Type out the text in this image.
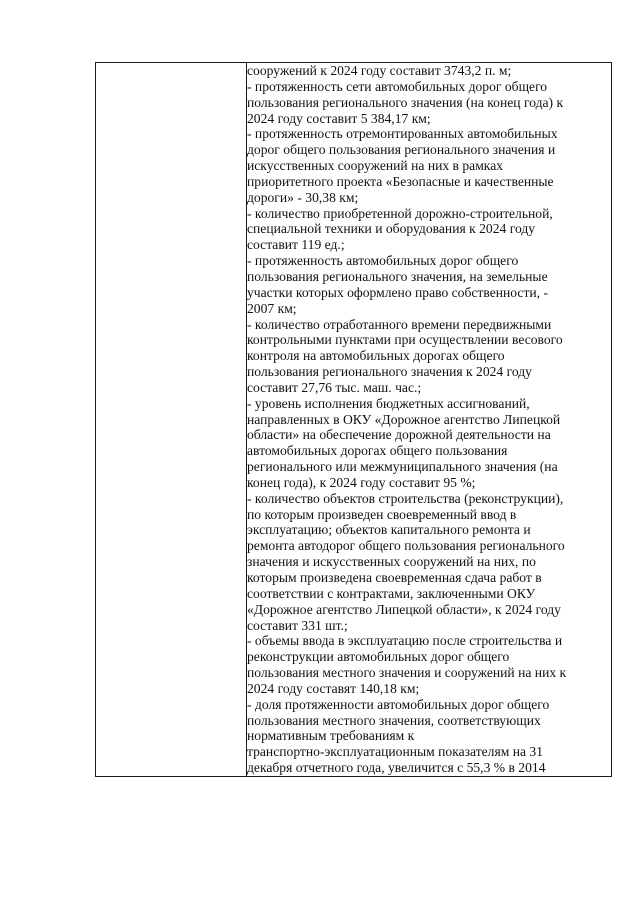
сооружений к 2024 году составит 3743,2 п. м;
- протяженность сети автомобильных дорог общего
пользования регионального значения (на конец года) к
2024 году составит 5 384,17 км;
- протяженность отремонтированных автомобильных
дорог общего пользования регионального значения и
искусственных сооружений на них в рамках
приоритетного проекта «Безопасные и качественные
дороги» - 30,38 км;
- количество приобретенной дорожно-строительной,
специальной техники и оборудования к 2024 году
составит 119 ед.;
- протяженность автомобильных дорог общего
пользования регионального значения, на земельные
участки которых оформлено право собственности, -
2007 км;
- количество отработанного времени передвижными
контрольными пунктами при осуществлении весового
контроля на автомобильных дорогах общего
пользования регионального значения к 2024 году
составит 27,76 тыс. маш. час.;
- уровень исполнения бюджетных ассигнований,
направленных в ОКУ «Дорожное агентство Липецкой
области» на обеспечение дорожной деятельности на
автомобильных дорогах общего пользования
регионального или межмуниципального значения (на
конец года), к 2024 году составит 95 %;
- количество объектов строительства (реконструкции),
по которым произведен своевременный ввод в
эксплуатацию; объектов капитального ремонта и
ремонта автодорог общего пользования регионального
значения и искусственных сооружений на них, по
которым произведена своевременная сдача работ в
соответствии с контрактами, заключенными ОКУ
«Дорожное агентство Липецкой области», к 2024 году
составит 331 шт.;
- объемы ввода в эксплуатацию после строительства и
реконструкции автомобильных дорог общего
пользования местного значения и сооружений на них к
2024 году составят 140,18 км;
- доля протяженности автомобильных дорог общего
пользования местного значения, соответствующих
нормативным требованиям к
транспортно-эксплуатационным показателям на 31
декабря отчетного года, увеличится с 55,3 % в 2014
